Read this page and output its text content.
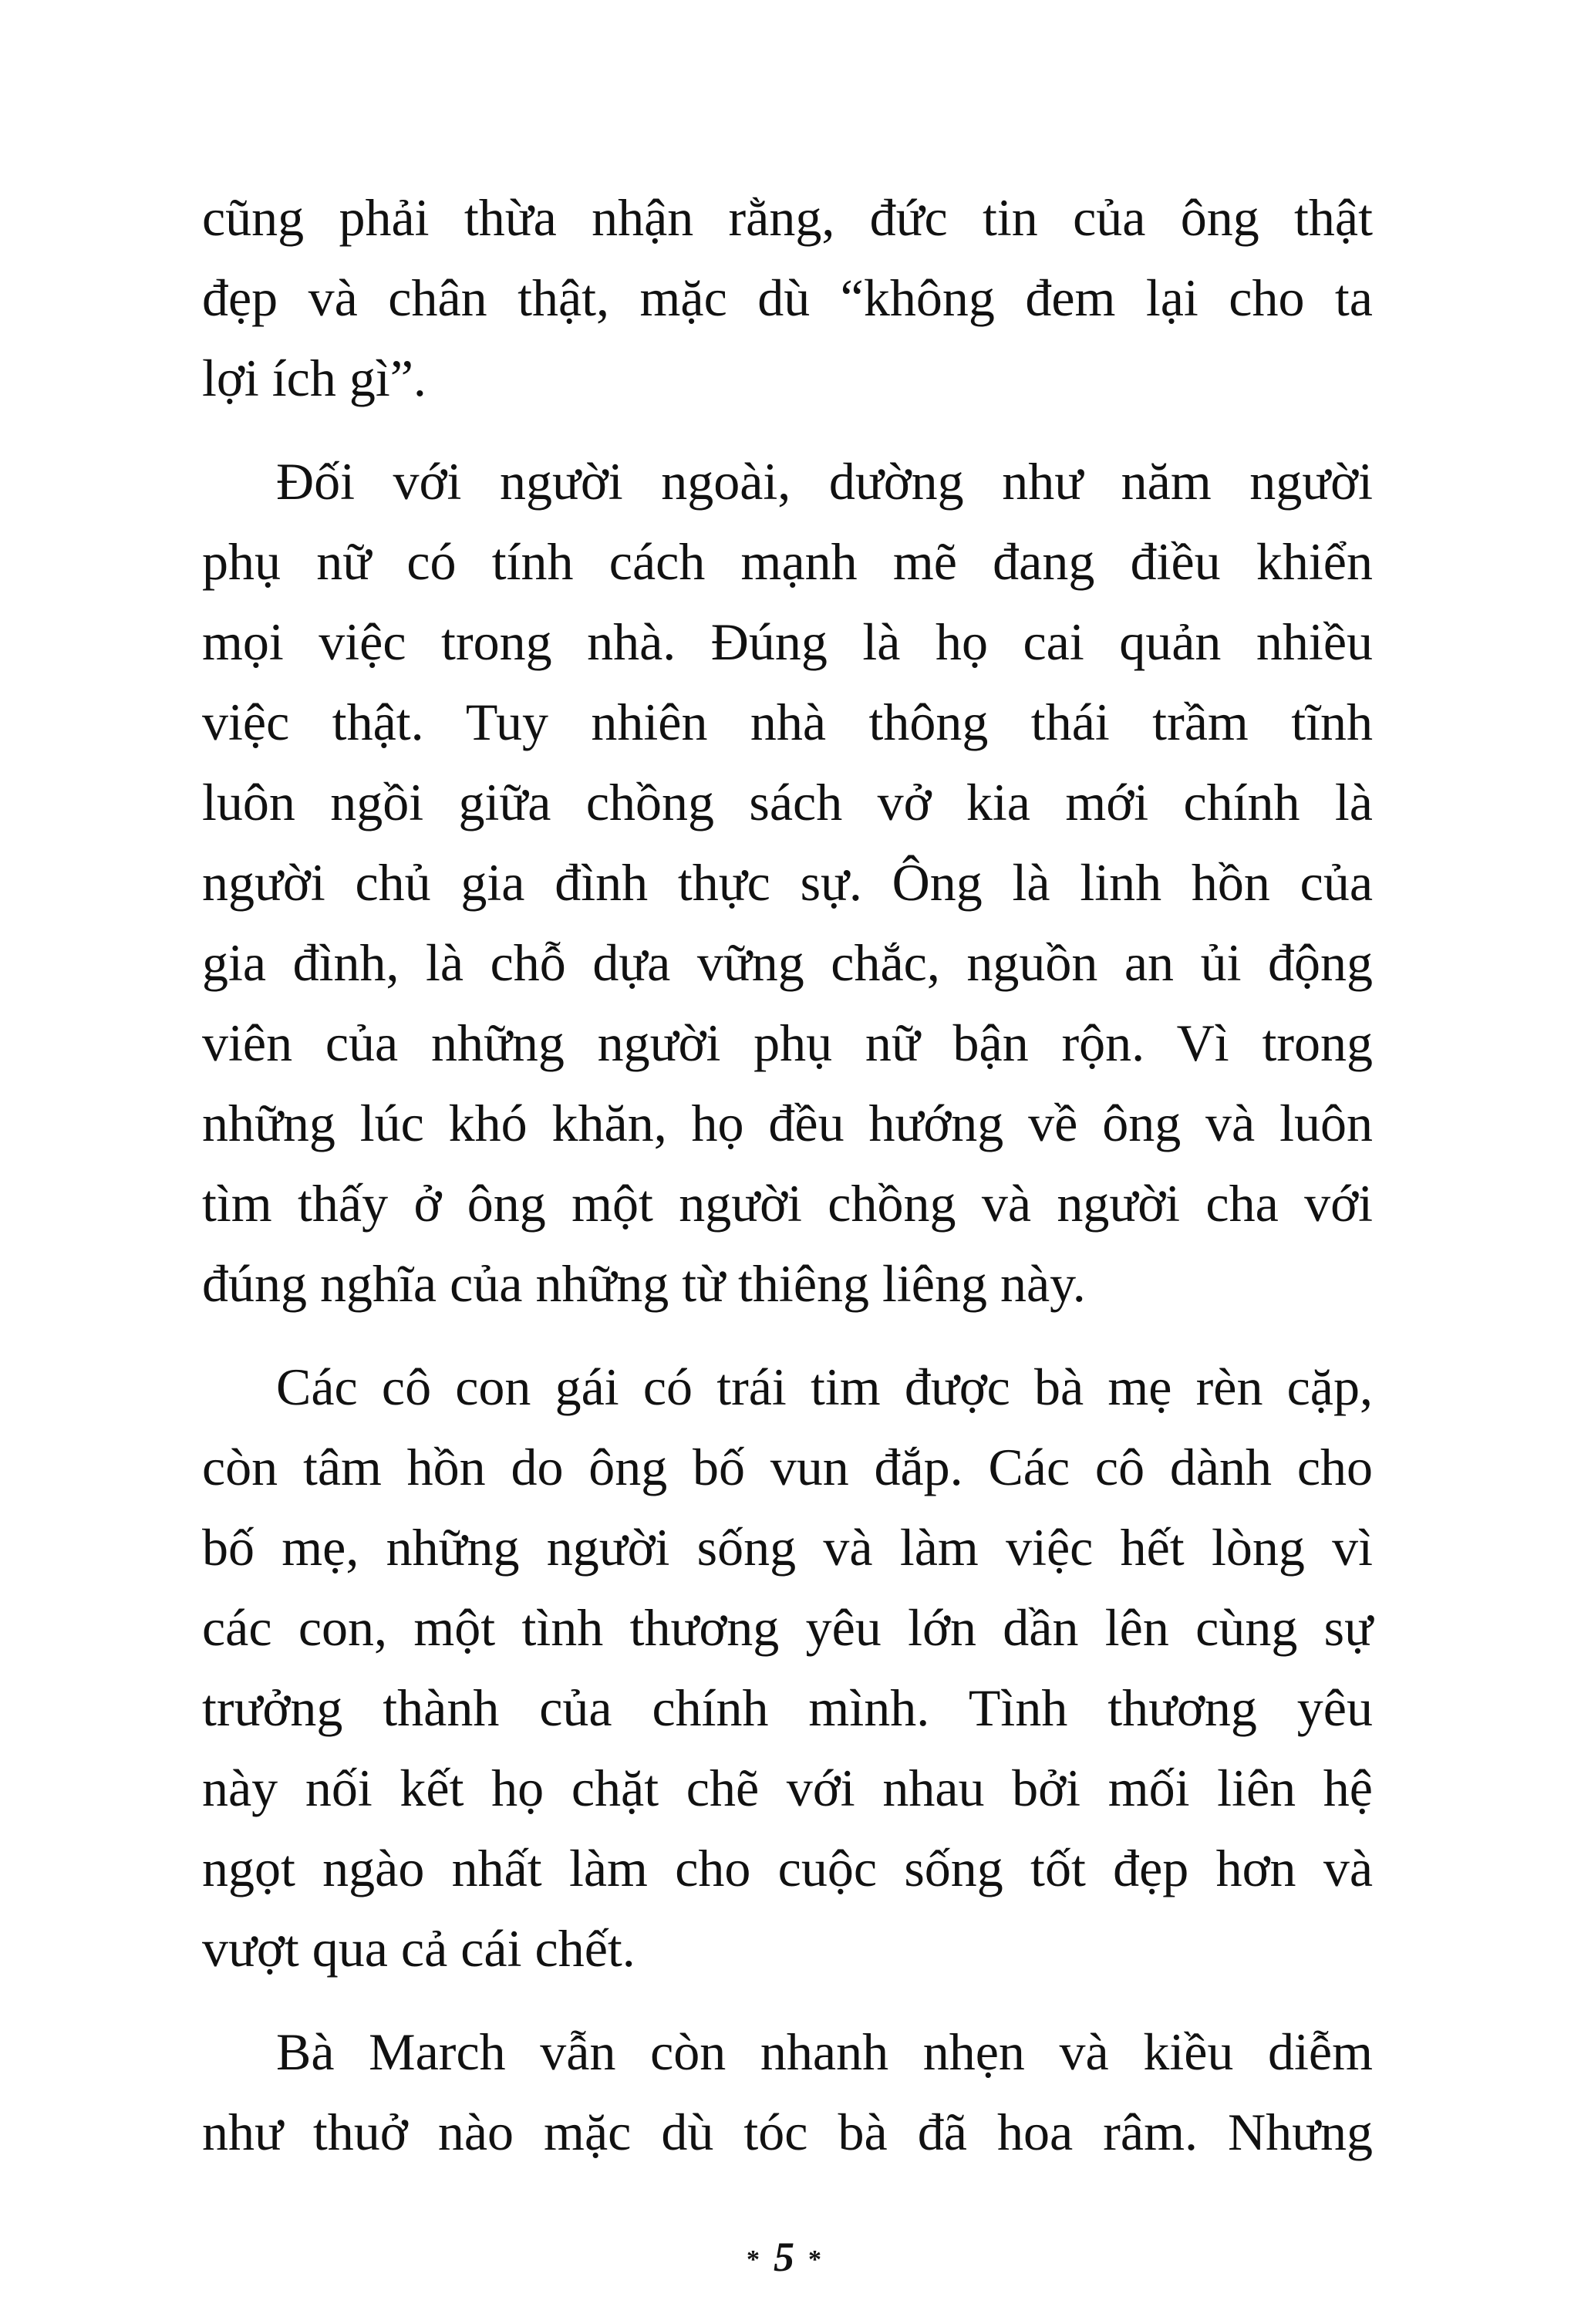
cũng phải thừa nhận rằng, đức tin của ông thật
đẹp và chân thật, mặc dù “không đem lại cho ta
lợi ích gì”.

Đối với người ngoài, dường như năm người
phụ nữ có tính cách mạnh mẽ đang điều khiển
mọi việc trong nhà. Đúng là họ cai quản nhiều
việc thật. Tuy nhiên nhà thông thái trầm tĩnh
luôn ngồi giữa chồng sách vở kia mới chính là
người chủ gia đình thực sự. Ông là linh hồn của
gia đình, là chỗ dựa vững chắc, nguồn an ủi động
viên của những người phụ nữ bận rộn. Vì trong
những lúc khó khăn, họ đều hướng về ông và luôn
tìm thấy ở ông một người chồng và người cha với
đúng nghĩa của những từ thiêng liêng này.

Các cô con gái có trái tim được bà mẹ rèn cặp,
còn tâm hồn do ông bố vun đắp. Các cô dành cho
bố mẹ, những người sống và làm việc hết lòng vì
các con, một tình thương yêu lớn dần lên cùng sự
trưởng thành của chính mình. Tình thương yêu
này nối kết họ chặt chẽ với nhau bởi mối liên hệ
ngọt ngào nhất làm cho cuộc sống tốt đẹp hơn và
vượt qua cả cái chết.

Bà March vẫn còn nhanh nhẹn và kiều diễm
như thuở nào mặc dù tóc bà đã hoa râm. Nhưng

* 5 *
